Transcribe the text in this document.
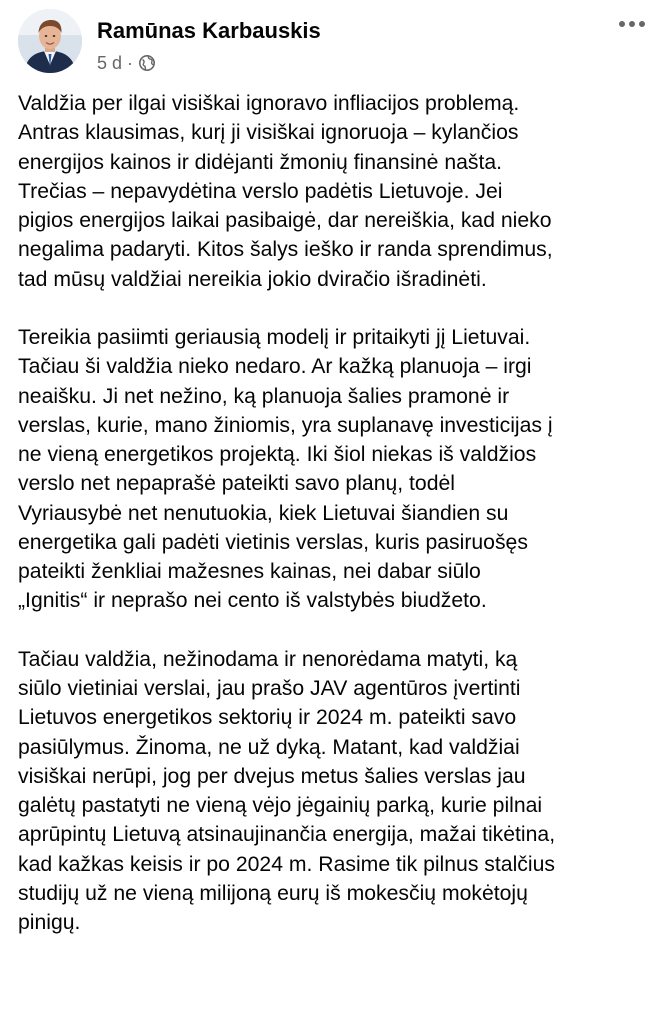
Ramūnas Karbauskis
5 d ·

Valdžia per ilgai visiškai ignoravo infliacijos problemą.
Antras klausimas, kurį ji visiškai ignoruoja – kylančios
energijos kainos ir didėjanti žmonių finansinė našta.
Trečias – nepavydėtina verslo padėtis Lietuvoje. Jei
pigios energijos laikai pasibaigė, dar nereiškia, kad nieko
negalima padaryti. Kitos šalys ieško ir randa sprendimus,
tad mūsų valdžiai nereikia jokio dviračio išradinėti.

Tereikia pasiimti geriausią modelį ir pritaikyti jį Lietuvai.
Tačiau ši valdžia nieko nedaro. Ar kažką planuoja – irgi
neaišku. Ji net nežino, ką planuoja šalies pramonė ir
verslas, kurie, mano žiniomis, yra suplanavę investicijas į
ne vieną energetikos projektą. Iki šiol niekas iš valdžios
verslo net nepaprašė pateikti savo planų, todėl
Vyriausybė net nenutuokia, kiek Lietuvai šiandien su
energetika gali padėti vietinis verslas, kuris pasiruošęs
pateikti ženkliai mažesnes kainas, nei dabar siūlo
„Ignitis“ ir neprašo nei cento iš valstybės biudžeto.

Tačiau valdžia, nežinodama ir nenorėdama matyti, ką
siūlo vietiniai verslai, jau prašo JAV agentūros įvertinti
Lietuvos energetikos sektorių ir 2024 m. pateikti savo
pasiūlymus. Žinoma, ne už dyką. Matant, kad valdžiai
visiškai nerūpi, jog per dvejus metus šalies verslas jau
galėtų pastatyti ne vieną vėjo jėgainių parką, kurie pilnai
aprūpintų Lietuvą atsinaujinančia energija, mažai tikėtina,
kad kažkas keisis ir po 2024 m. Rasime tik pilnus stalčius
studijų už ne vieną milijoną eurų iš mokesčių mokėtojų
pinigų.
